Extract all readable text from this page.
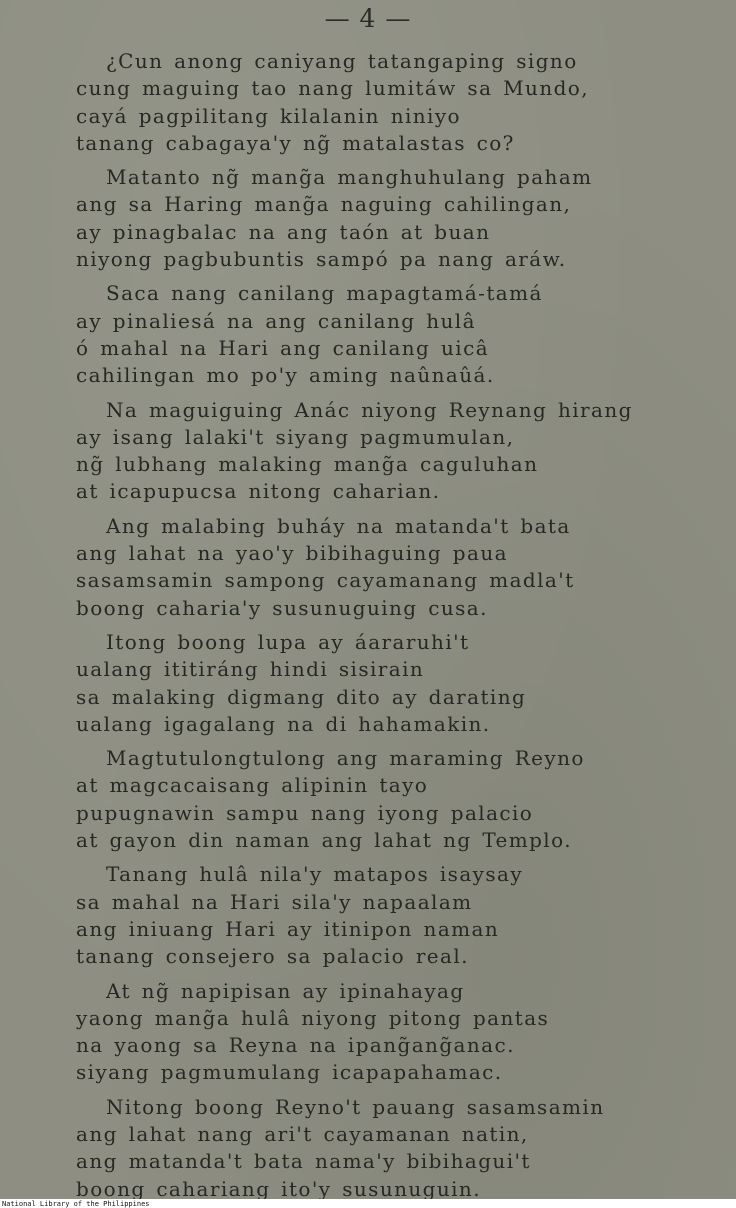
— 4 —
¿Cun anong caniyang tatangaping signo
cung maguing tao nang lumitáw sa Mundo,
cayá pagpilitang kilalanin niniyo
tanang cabagaya'y ng̃ matalastas co?
Matanto ng̃ mang̃a manghuhulang paham
ang sa Haring mang̃a naguing cahilingan,
ay pinagbalac na ang taón at buan
niyong pagbubuntis sampó pa nang aráw.
Saca nang canilang mapagtamá-tamá
ay pinaliesá na ang canilang hulâ
ó mahal na Hari ang canilang uicâ
cahilingan mo po'y aming naûnaûá.
Na maguiguing Anác niyong Reynang hirang
ay isang lalaki't siyang pagmumulan,
ng̃ lubhang malaking mang̃a caguluhan
at icapupucsa nitong caharian.
Ang malabing buháy na matanda't bata
ang lahat na yao'y bibihaguing paua
sasamsamin sampong cayamanang madla't
boong caharia'y susunuguing cusa.
Itong boong lupa ay áararuhi't
ualang ititiráng hindi sisirain
sa malaking digmang dito ay darating
ualang igagalang na di hahamakin.
Magtutulongtulong ang maraming Reyno
at magcacaisang alipinin tayo
pupugnawin sampu nang iyong palacio
at gayon din naman ang lahat ng Templo.
Tanang hulâ nila'y matapos isaysay
sa mahal na Hari sila'y napaalam
ang iniuang Hari ay itinipon naman
tanang consejero sa palacio real.
At ng̃ napipisan ay ipinahayag
yaong mang̃a hulâ niyong pitong pantas
na yaong sa Reyna na ipang̃ang̃anac.
siyang pagmumulang icapapahamac.
Nitong boong Reyno't pauang sasamsamin
ang lahat nang ari't cayamanan natin,
ang matanda't bata nama'y bibihagui't
boong cahariang ito'y susunuguin.
National Library of the Philippines
